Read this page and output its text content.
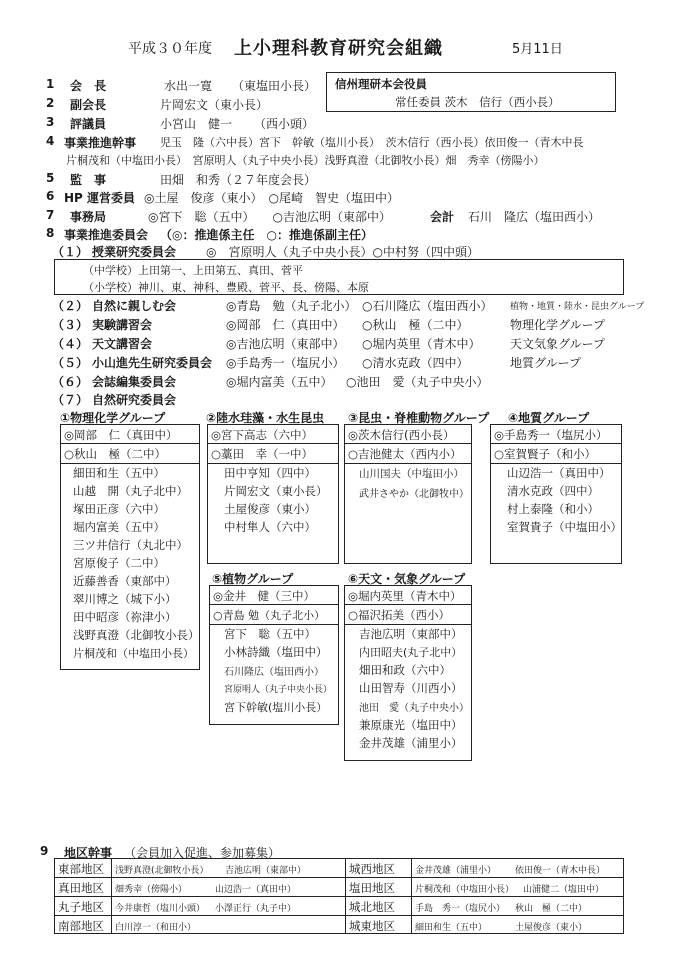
平成３０年度 上小理科教育研究会組織	5月11日
1 会　長	水出一寛 （東塩田小長）
2 副会長	片岡宏文（東小長）
3 評議員	小宮山　健一 （西小頭）
4 事業推進幹事 児玉　隆（六中長）宮下　幹敏（塩川小長）　茨木信行（西小長）依田俊一（青木中長
片桐茂和（中塩田小長）　宮原明人（丸子中央小長）浅野真澄（北御牧小長）畑　秀幸（傍陽小）
5 監　事	田畑　和秀（２７年度会長）
6 HP 運営委員 ◎土屋　俊彦（東小）　○尾崎　智史（塩田中）
7 事務局	◎宮下　聡（五中）　　○吉池広明（東部中）	会計 石川　隆広（塩田西小）
8 事業推進委員会 （◎：推進係主任　○：推進係副主任）
信州理研本会役員
常任委員 茨木　信行（西小長）
（１） 授業研究委員会 ◎　宮原明人（丸子中央小長）○中村努（四中頭）
（中学校）上田第一、上田第五、真田、菅平
（小学校）神川、東、神科、豊殿、菅平、長、傍陽、本原
（２） 自然に親しむ会	◎青島　勉（丸子北小） ○石川隆広（塩田西小） 植物・地質・陸水・昆虫グループ
（３） 実験講習会	◎岡部　仁（真田中） ○秋山　極（二中）	物理化学グループ
（４） 天文講習会	◎吉池広明（東部中） ○堀内英里（青木中） 天文気象グループ
（５） 小山進先生研究委員会 ◎手島秀一（塩尻小） ○清水克政（四中）	地質グループ
（６） 会誌編集委員会	◎堀内富美（五中） ○池田　愛（丸子中央小）
（７） 自然研究委員会
①物理化学グループ	②陸水珪藻・水生昆虫 ③昆虫・脊椎動物グループ ④地質グループ
◎岡部　仁（真田中）
○秋山　極（二中）
細田和生（五中）
山越　開（丸子北中）
塚田正彦（六中）
堀内富美（五中）
三ツ井信行（丸北中）
宮原俊子（二中）
近藤善香（東部中）
翠川博之（城下小）
田中昭彦（祢津小）
浅野真澄（北御牧小長）
片桐茂和（中塩田小長）
◎宮下高志（六中）
○藁田　幸（一中）
田中亨知（四中）
片岡宏文（東小長）
土屋俊彦（東小）
中村隼人（六中）
◎茨木信行(西小長）
○吉池健太（西内小）
山川国夫（中塩田小）
武井さやか（北御牧中）
◎手島秀一（塩尻小）
○室賀賢子（和小）
山辺浩一（真田中）
清水克政（四中）
村上泰隆（和小）
室賀貴子（中塩田小）
⑤植物グループ
◎金井　健（三中）
○青島 勉（丸子北小）
宮下　聡（五中）
小林詩織（塩田中）
石川隆広（塩田西小）
宮原明人（丸子中央小長）
宮下幹敏(塩川小長）
⑥天文・気象グループ
◎堀内英里（青木中）
○福沢拓美（西小）
吉池広明（東部中）
内田昭夫(丸子北中）
畑田和政（六中）
山田智寿（川西小）
池田　愛（丸子中央小）
兼原康光（塩田中）
金井茂雄（浦里小）
9 地区幹事 （会員加入促進、参加募集）
東部地区 浅野真澄(北御牧小長） 吉池広明（東部中）	城西地区 金井茂雄（浦里小） 依田俊一（青木中長）
真田地区 畑秀幸（傍陽小）	山辺浩一（真田中）	塩田地区 片桐茂和（中塩田小長） 山浦健二（塩田中）
丸子地区 今井康哲（塩川小頭） 小澤正行（丸子中）	城北地区 手島　秀一（塩尻小） 秋山　極（二中）
南部地区 白川淳一（和田小）	城東地区 細田和生（五中）	土屋俊彦（東小）
